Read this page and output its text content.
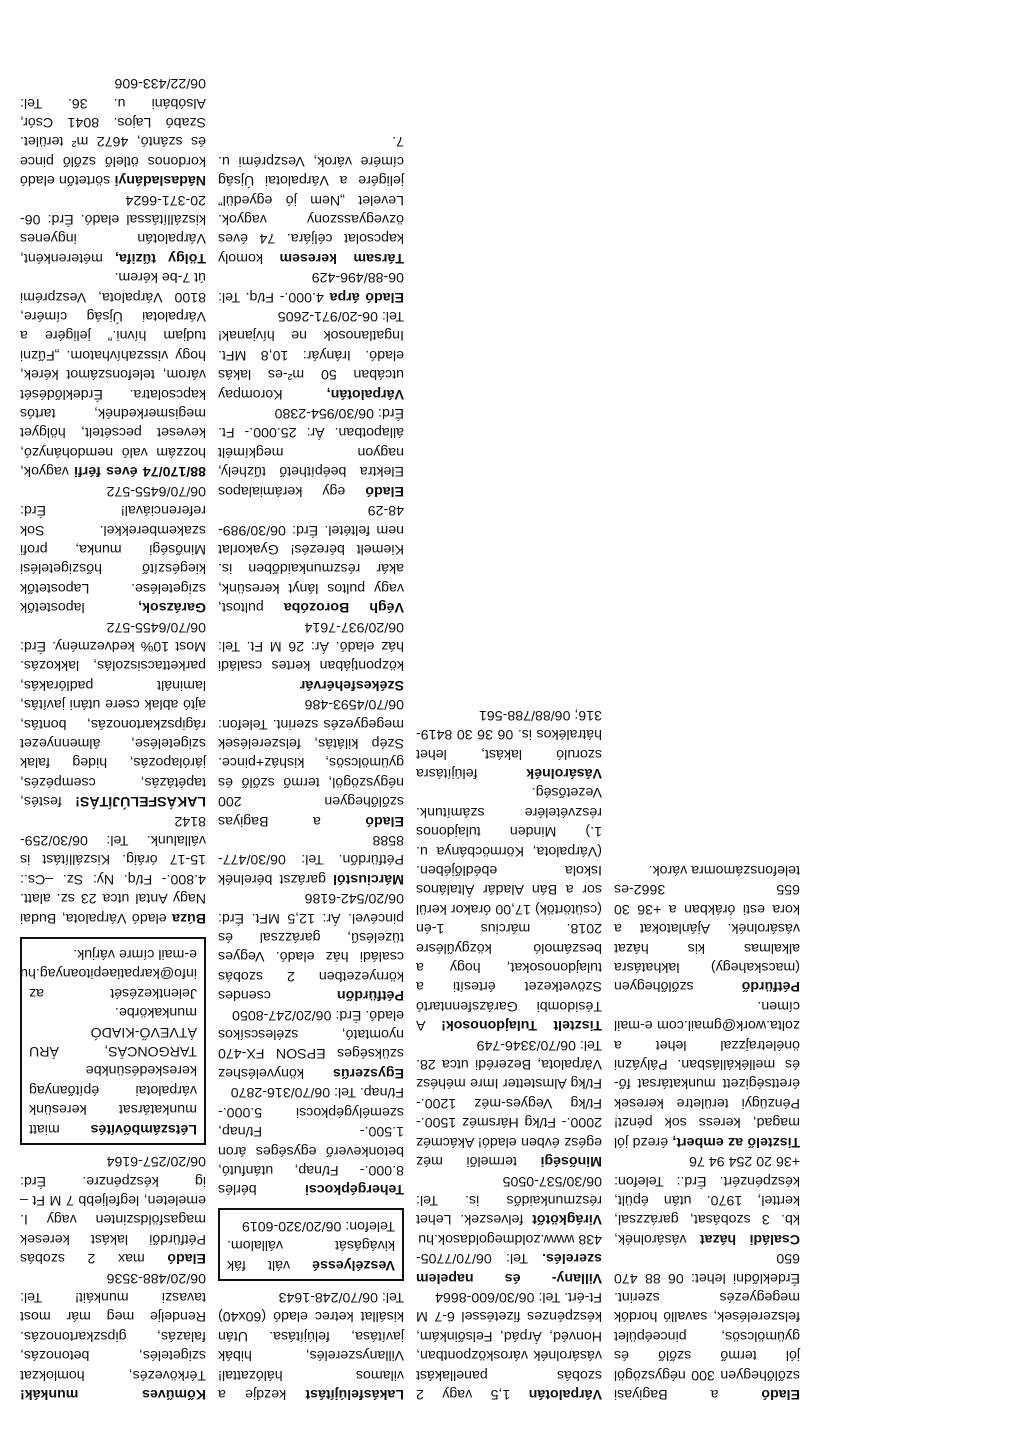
Kőműves munkák! Térkövezés, homlokzat szigetelés, betonozás, falazás, gipszkartonozás. Rendelje meg már most tavaszi munkáit! Tel: 06/20/488-3536

Eladó max 2 szobás Pétfürdői lakást keresek magasföldszinten vagy I. emeleten, legfeljebb 7 M Ft –ig készpénzre. Érd: 06/20/257-6164

Létszámbővítés miatt munkatársat keresünk várpalotai építőanyag kereskedésünkbe TARGONCÁS, ÁRU ÁTVEVŐ-KIADÓ munkakörbe. Jelentkezését az info@karpatiaepitoanyag.hu e-mail címre várjuk.

Búza eladó Várpalota, Budai Nagy Antal utca 23 sz. alatt. 4.800.- Ft/q. Ny: Sz. –Cs.: 15-17 óráig. Kiszállítást is vállalunk. Tel: 06/30/259-8142

LAKÁSFELÚJÍTÁS! festés, tapétázás, csempézés, járólapozás, hideg falak szigetelése, álmennyezet rágipszkartonozás, bontás, ajtó ablak csere utáni javítás, laminált padlórakás, parkettacsiszolás, lakkozás. Most 10% kedvezmény. Érd: 06/70/6455-572

Garázsok, lapostetők szigetelése. Lapostetők kiegészítő hőszigetelési Minőségi munka, profi szakemberekkel. Sok referenciával! Érd: 06/70/6455-572

88/170/74 éves férfi vagyok, hozzám való nemdohányzó, keveset pecsételt, hölgyet megismerkednék, tartós kapcsolatra. Érdeklődését várom, telefonszámot kérek, hogy visszahívhatom. „Fűzni tudjam hívni.” jeligére a Várpalotai Újság címére, 8100 Várpalota, Veszprémi út 7-be kérem.

Tölgy tűzifa, méterenként, Várpalotán ingyenes kiszállítással eladó. Érd: 06-20-371-6624

Nádasladányi sörtetőn eladó kordonos ötlelő szőlő pince és szántó, 4672 m² terület. Szabó Lajos. 8041 Csór, Alsóbáni u. 36. Tel: 06/22/433-606

Lakásfelújítást kezdje a vilamos hálózattal! Villanyszerelés, hibák javítása, felújítása. Után kisállat ketrec eladó (60x40) Tel: 06/70/248-1643

Veszélyessé vált fák kivágását vállalom. Telefon: 06/20/320-6019

Tehergépkocsi bérlés 8.000.- Ft/nap, utánfutó, betonkeverő egységes áron 1.500.- Ft/nap, személygépkocsi 5.000.- Ft/nap. Tel: 06/70/316-2870

Egyszerűs könyveléshez szükséges EPSON FX-470 nyomtató, szélescsíkos eladó. Érd: 06/20/247-8050

Pétfürdőn csendes környezetben 2 szobás családi ház eladó. Vegyes tüzelésű, garázzsal és pincével. Ár: 12,5 MFt. Érd: 06/20/542-6186

Márciustól garázst bérelnék Pétfürdőn. Tel: 06/30/477-8588

Eladó a Bagiyas szőlőhegyen 200 négyszögöl, termő szőlő és gyümölcsös, kisház+pince. Szép kilátás, felszerelések megegyezés szerint. Telefon: 06/70/4593-486

Székesfehérvár központjában kertes családi ház eladó. Ár: 26 M Ft. Tel: 06/20/937-7614

Végh Borozóba pultost, vagy pultos lányt keresünk, akár részmunkaidőben is. Kiemelt bérezés! Gyakorlat nem feltétel. Érd: 06/30/989-48-29

Eladó egy kerámialapos Elektra beépíthető tűzhely, nagyon megkímélt állapotban. Ár: 25.000.- Ft. Érd: 06/30/954-2380

Várpalotán, Korompay utcában 50 m²-es lakás eladó. Irányár: 10,8 MFt. Ingatlanosok ne hívjanak! Tel: 06-20/971-2605

Eladó árpa 4.000.- Ft/q. Tel: 06-88/496-429

Társam keresem komoly kapcsolat céljára. 74 éves özvegyasszony vagyok. Levelet „Nem jó egyedül” jeligére a Várpalotai Újság címére várok, Veszprémi u. 7.

Várpalotán 1,5 vagy 2 szobás panellakást vásárolnék városközpontban, Honvéd, Árpád, Felsőinkám, készpénzes fizetéssel 6-7 M Ft-ért. Tel: 06/30/600-8664

Villany- és napelem szerelés. Tel: 06/70/7705-438 www.zoldmegoldasok.hu

Virágkötőt felveszek. Lehet részmunkaidős is. Tel: 06/30/537-0505

Minőségi termelői méz egész évben eladó! Akácméz 2000.- Ft/kg Hársméz 1500.- Ft/kg Vegyes-méz 1200.- Ft/kg Almstetter Imre méhész Várpalota, Bezerédi utca 28. Tel: 06/70/3346-749

Tisztelt Tulajdonosok! A Tésidombi Garázsfenntartó Szövetkezet értesíti a tulajdonosokat, hogy a beszámoló közgyűlésre 2018. március 1-én (csütörtök) 17,00 órakor kerül sor a Bán Aladár Általános Iskola ebédlőjében. (Várpalota, Körmöcbánya u. 1.) Minden tulajdonos részvételére számítunk. Vezetőség.

Vásárolnék felújításra szoruló lakást, lehet hátralékos is. 06 36 30 8419-316; 06/88/788-561

Eladó a Bagiyasi szőlőhegyen 300 négyszögöl jól termő szőlő és gyümölcsös, pinceépület felszerelések, savalló hordók megegyezés szerint. Érdeklődni lehet: 06 88 470 650

Családi házat vásárolnék, kb. 3 szobásat, garázzsal, kerttel, 1970. után épült, készpénzért. Érd.: Telefon: +36 20 254 94 76

Tisztelő az embert, érezd jól magad, keress sok pénzt! Pénzügyi területre keresek érettségizett munkatársat fő- és mellékállásban. Pályázni önéletrajzzal lehet a zolta.work@gmail.com e-mail címen.

Pétfürdő szőlőhegyen (macskahegy) lakhatásra alkalmas kis házat vásárolnék. Ajánlatokat a kora esti órákban a +36 30 655 3662-es telefonszámomra várok.
